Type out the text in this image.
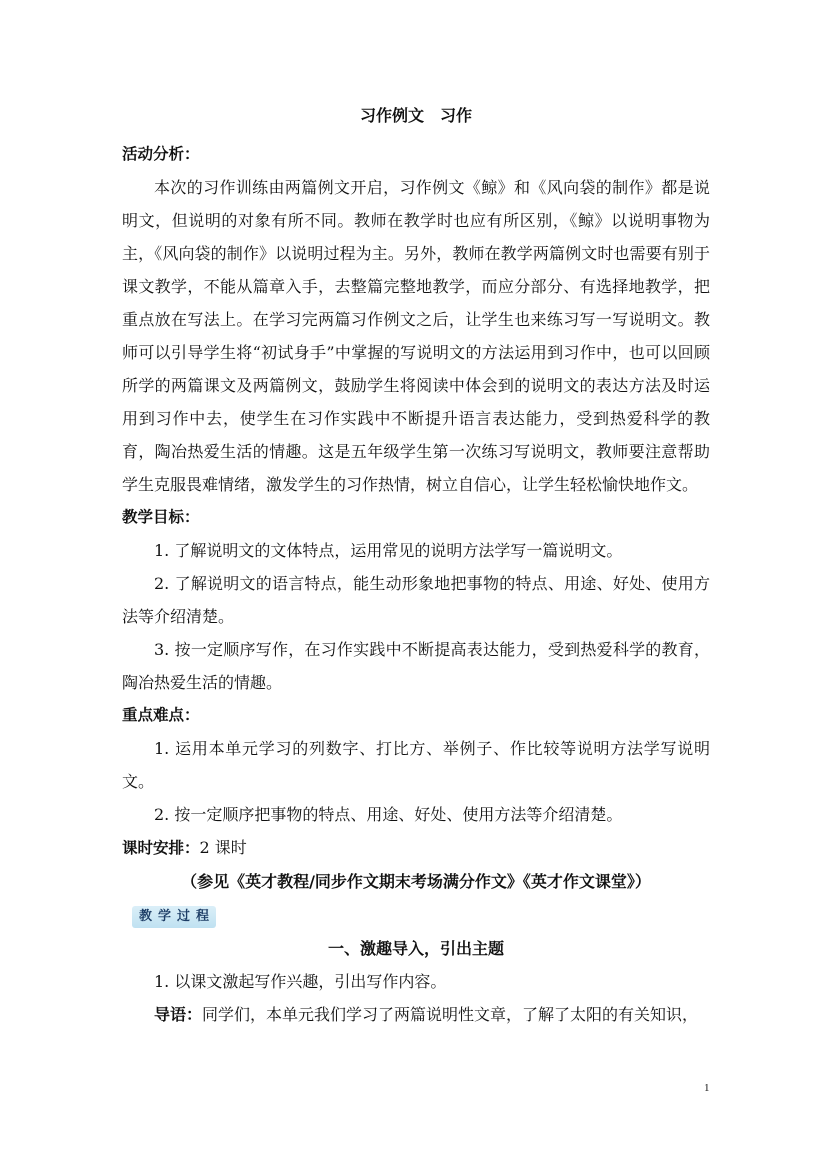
习作例文　习作

活动分析：

本次的习作训练由两篇例文开启，习作例文《鲸》和《风向袋的制作》都是说明文，但说明的对象有所不同。教师在教学时也应有所区别，《鲸》以说明事物为主，《风向袋的制作》以说明过程为主。另外，教师在教学两篇例文时也需要有别于课文教学，不能从篇章入手，去整篇完整地教学，而应分部分、有选择地教学，把重点放在写法上。在学习完两篇习作例文之后，让学生也来练习写一写说明文。教师可以引导学生将“初试身手”中掌握的写说明文的方法运用到习作中，也可以回顾所学的两篇课文及两篇例文，鼓励学生将阅读中体会到的说明文的表达方法及时运用到习作中去，使学生在习作实践中不断提升语言表达能力，受到热爱科学的教育，陶冶热爱生活的情趣。这是五年级学生第一次练习写说明文，教师要注意帮助学生克服畏难情绪，激发学生的习作热情，树立自信心，让学生轻松愉快地作文。

教学目标：

1. 了解说明文的文体特点，运用常见的说明方法学写一篇说明文。

2. 了解说明文的语言特点，能生动形象地把事物的特点、用途、好处、使用方法等介绍清楚。

3. 按一定顺序写作，在习作实践中不断提高表达能力，受到热爱科学的教育，陶冶热爱生活的情趣。

重点难点：

1. 运用本单元学习的列数字、打比方、举例子、作比较等说明方法学写说明文。

2. 按一定顺序把事物的特点、用途、好处、使用方法等介绍清楚。

课时安排：2 课时

（参见《英才教程/同步作文期末考场满分作文》《英才作文课堂》）

教 学 过 程

一、激趣导入，引出主题

1. 以课文激起写作兴趣，引出写作内容。

导语：同学们，本单元我们学习了两篇说明性文章，了解了太阳的有关知识，

1
